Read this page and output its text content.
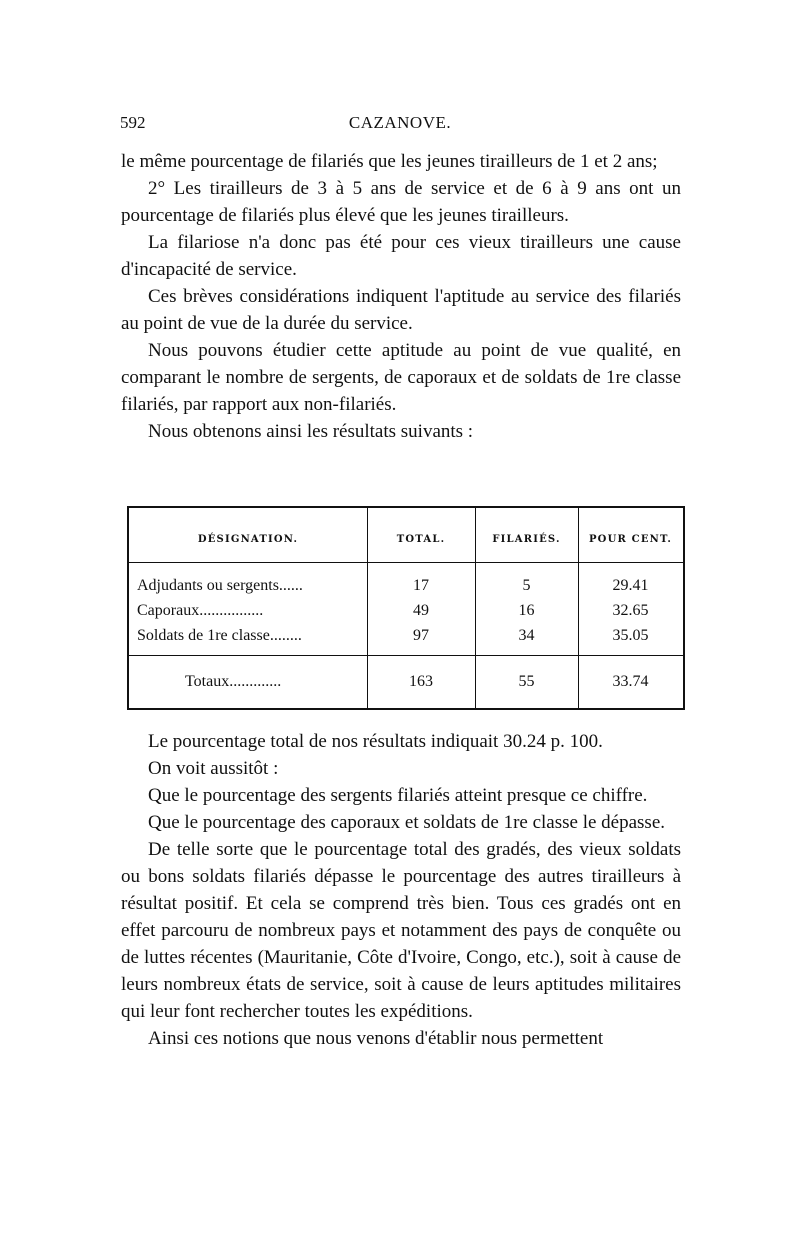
592	CAZANOVE.

le même pourcentage de filariés que les jeunes tirailleurs de 1 et 2 ans;

2° Les tirailleurs de 3 à 5 ans de service et de 6 à 9 ans ont un pourcentage de filariés plus élevé que les jeunes tirailleurs.

La filariose n'a donc pas été pour ces vieux tirailleurs une cause d'incapacité de service.

Ces brèves considérations indiquent l'aptitude au service des filariés au point de vue de la durée du service.

Nous pouvons étudier cette aptitude au point de vue qualité, en comparant le nombre de sergents, de caporaux et de soldats de 1re classe filariés, par rapport aux non-filariés.

Nous obtenons ainsi les résultats suivants :

DÉSIGNATION.	TOTAL.	FILARIÉS.	POUR CENT.
Adjudants ou sergents......	17	5	29.41
Caporaux................	49	16	32.65
Soldats de 1re classe........	97	34	35.05
Totaux.............	163	55	33.74

Le pourcentage total de nos résultats indiquait 30.24 p. 100.

On voit aussitôt :

Que le pourcentage des sergents filariés atteint presque ce chiffre.

Que le pourcentage des caporaux et soldats de 1re classe le dépasse.

De telle sorte que le pourcentage total des gradés, des vieux soldats ou bons soldats filariés dépasse le pourcentage des autres tirailleurs à résultat positif. Et cela se comprend très bien. Tous ces gradés ont en effet parcouru de nombreux pays et notamment des pays de conquête ou de luttes récentes (Mauritanie, Côte d'Ivoire, Congo, etc.), soit à cause de leurs nombreux états de service, soit à cause de leurs aptitudes militaires qui leur font rechercher toutes les expéditions.

Ainsi ces notions que nous venons d'établir nous permettent
